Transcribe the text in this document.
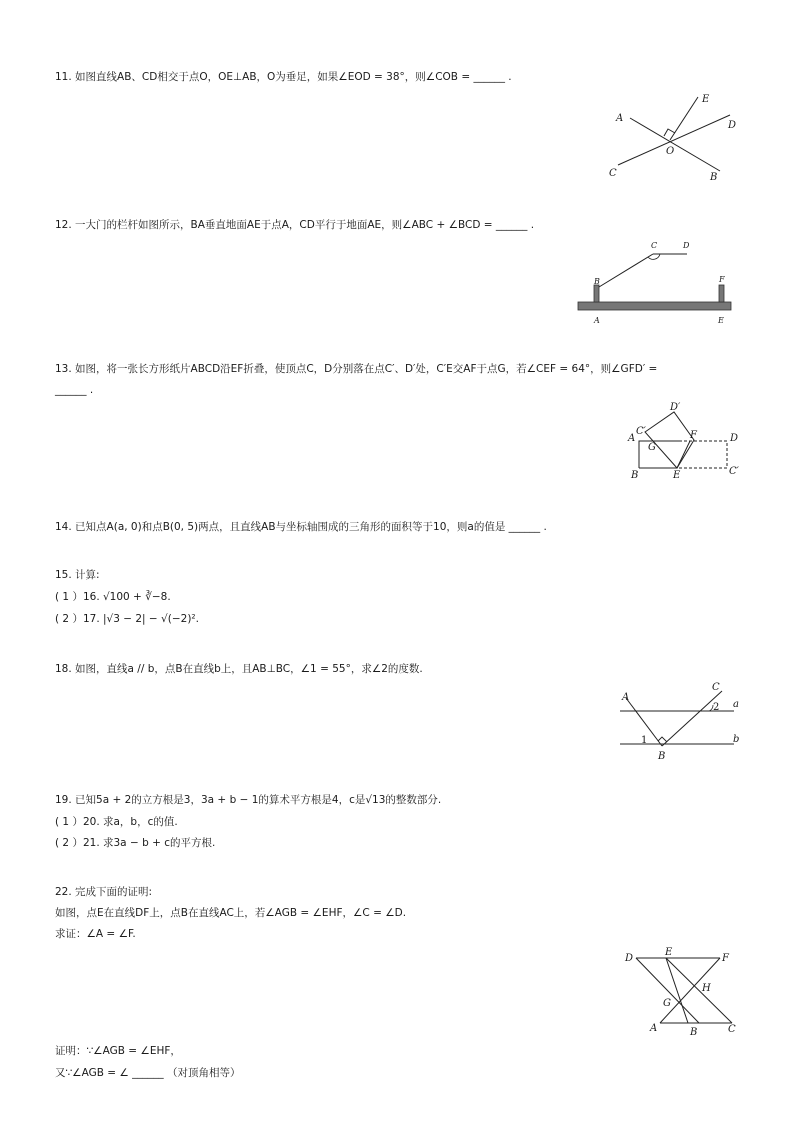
11. 如图直线AB、CD相交于点O，OE⊥AB，O为垂足，如果∠EOD = 38°，则∠COB = ______ .
A
E
D
O
C	B
12. 一大门的栏杆如图所示，BA垂直地面AE于点A，CD平行于地面AE，则∠ABC + ∠BCD = ______ .
C	D
B	F
A	E
13. 如图，将一张长方形纸片ABCD沿EF折叠，使顶点C，D分别落在点C′、D′处，C′E交AF于点G，若∠CEF = 64°，则∠GFD′ =
______ .
D′
C′
A	F	D
G
B	E	C′
14. 已知点A(a, 0)和点B(0, 5)两点，且直线AB与坐标轴围成的三角形的面积等于10，则a的值是 ______ .
15. 计算:
( 1 ）16. √100 + ∛−8.
( 2 ）17. |√3 − 2| − √(−2)².
18. 如图，直线a // b，点B在直线b上，且AB⊥BC，∠1 = 55°，求∠2的度数.
A
C
2 a
1	b
B
19. 已知5a + 2的立方根是3，3a + b − 1的算术平方根是4，c是√13的整数部分.
( 1 ）20. 求a，b，c的值.
( 2 ）21. 求3a − b + c的平方根.
22. 完成下面的证明:
如图，点E在直线DF上，点B在直线AC上，若∠AGB = ∠EHF，∠C = ∠D.
求证：∠A = ∠F.
D
E
F
H
G
A	B	C
证明：∵∠AGB = ∠EHF，
又∵∠AGB = ∠ ______ （对顶角相等）
